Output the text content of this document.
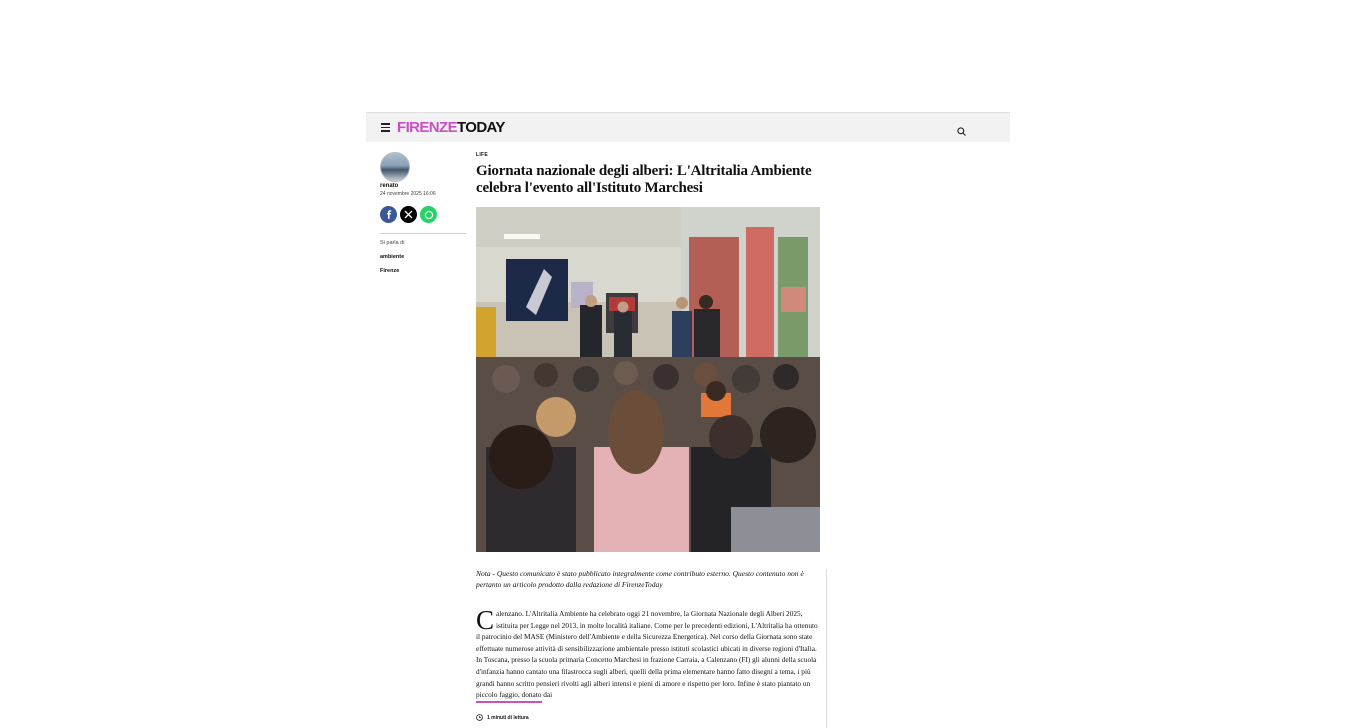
FIRENZETODAY
renato
24 novembre 2025 16:06
Si parla di
ambiente
Firenze
LIFE
Giornata nazionale degli alberi: L'Altritalia Ambiente celebra l'evento all'Istituto Marchesi
Nota - Questo comunicato è stato pubblicato integralmente come contributo esterno. Questo contenuto non è pertanto un articolo prodotto dalla redazione di FirenzeToday
Calenzano. L'Altritalia Ambiente ha celebrato oggi 21 novembre, la Giornata Nazionale degli Alberi 2025, istituita per Legge nel 2013, in molte località italiane. Come per le precedenti edizioni, L'Altritalia ha ottenuto il patrocinio del MASE (Ministero dell'Ambiente e della Sicurezza Energetica). Nel corso della Giornata sono state effettuate numerose attività di sensibilizzazione ambientale presso istituti scolastici ubicati in diverse regioni d'Italia. In Toscana, presso la scuola primaria Concetto Marchesi in frazione Carraia, a Calenzano (FI) gli alunni della scuola d'infanzia hanno cantato una filastrocca sugli alberi, quelli della prima elementare hanno fatto disegni a tema, i più grandi hanno scritto pensieri rivolti agli alberi intensi e pieni di amore e rispetto per loro. Infine è stato piantato un piccolo faggio, donato dai
1 minuti di lettura
